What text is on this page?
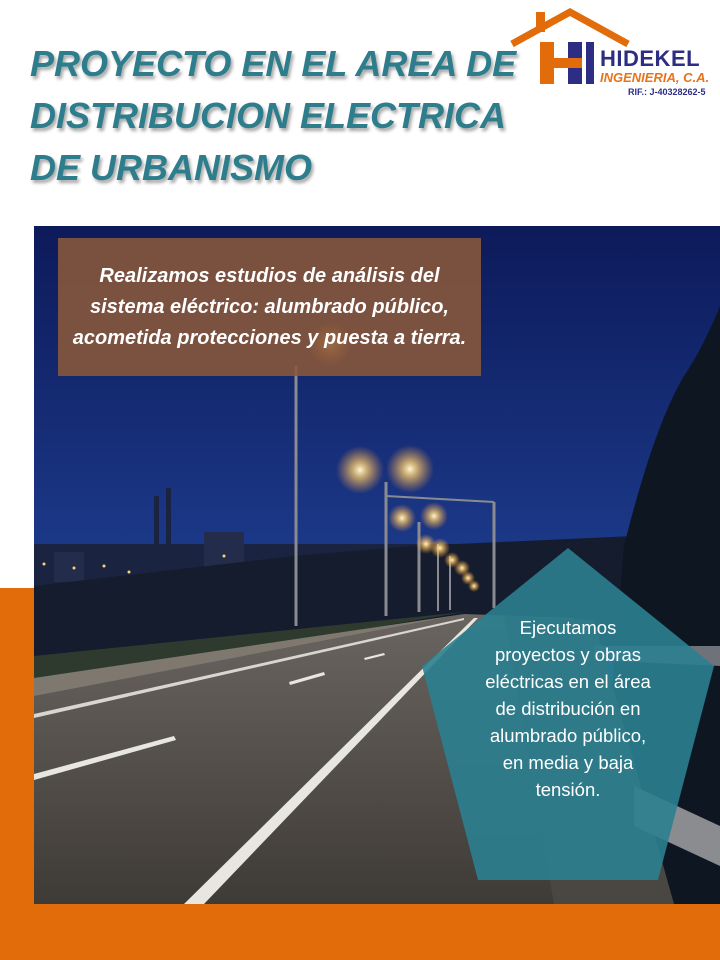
PROYECTO EN EL AREA DE DISTRIBUCION ELECTRICA DE URBANISMO
HIDEKEL
INGENIERIA, C.A.
RIF.: J-40328262-5

Realizamos estudios de análisis del sistema eléctrico: alumbrado público, acometida protecciones y puesta a tierra.

Ejecutamos proyectos y obras eléctricas en el área de distribución en alumbrado público, en media y baja tensión.
